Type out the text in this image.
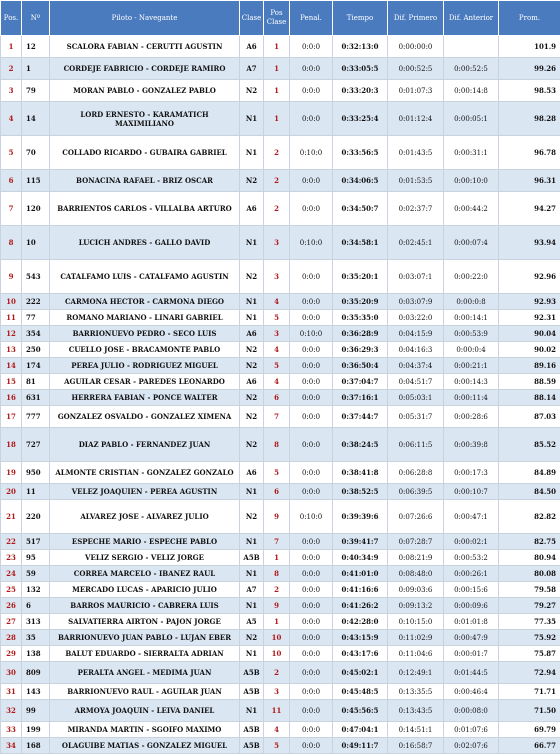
Pos.	Nº	Piloto - Navegante	Clase	Pos Clase	Penal.	Tiempo	Dif. Primero	Dif. Anterior	Prom.
1	12	SCALORA FABIAN - CERUTTI AGUSTIN	A6	1	0:0:0	0:32:13:0	0:00:00:0		101.9
2	1	CORDEJE FABRICIO - CORDEJE RAMIRO	A7	1	0:0:0	0:33:05:5	0:00:52:5	0:00:52:5	99.26
3	79	MORAN PABLO - GONZALEZ PABLO	N2	1	0:0:0	0:33:20:3	0:01:07:3	0:00:14:8	98.53
4	14	LORD ERNESTO - KARAMATICH MAXIMILIANO	N1	1	0:0:0	0:33:25:4	0:01:12:4	0:00:05:1	98.28
5	70	COLLADO RICARDO - GUBAIRA GABRIEL	N1	2	0:10:0	0:33:56:5	0:01:43:5	0:00:31:1	96.78
6	115	BONACINA RAFAEL - BRIZ OSCAR	N2	2	0:0:0	0:34:06:5	0:01:53:5	0:00:10:0	96.31
7	120	BARRIENTOS CARLOS - VILLALBA ARTURO	A6	2	0:0:0	0:34:50:7	0:02:37:7	0:00:44:2	94.27
8	10	LUCICH ANDRES - GALLO DAVID	N1	3	0:10:0	0:34:58:1	0:02:45:1	0:00:07:4	93.94
9	543	CATALFAMO LUIS - CATALFAMO AGUSTIN	N2	3	0:0:0	0:35:20:1	0:03:07:1	0:00:22:0	92.96
10	222	CARMONA HECTOR - CARMONA DIEGO	N1	4	0:0:0	0:35:20:9	0:03:07:9	0:00:0:8	92.93
11	77	ROMANO MARIANO - LINARI GABRIEL	N1	5	0:0:0	0:35:35:0	0:03:22:0	0:00:14:1	92.31
12	354	BARRIONUEVO PEDRO - SECO LUIS	A6	3	0:10:0	0:36:28:9	0:04:15:9	0:00:53:9	90.04
13	250	CUELLO JOSE - BRACAMONTE PABLO	N2	4	0:0:0	0:36:29:3	0:04:16:3	0:00:0:4	90.02
14	174	PEREA JULIO - RODRIGUEZ MIGUEL	N2	5	0:0:0	0:36:50:4	0:04:37:4	0:00:21:1	89.16
15	81	AGUILAR CESAR - PAREDES LEONARDO	A6	4	0:0:0	0:37:04:7	0:04:51:7	0:00:14:3	88.59
16	631	HERRERA FABIAN - PONCE WALTER	N2	6	0:0:0	0:37:16:1	0:05:03:1	0:00:11:4	88.14
17	777	GONZALEZ OSVALDO - GONZALEZ XIMENA	N2	7	0:0:0	0:37:44:7	0:05:31:7	0:00:28:6	87.03
18	727	DIAZ PABLO - FERNANDEZ JUAN	N2	8	0:0:0	0:38:24:5	0:06:11:5	0:00:39:8	85.52
19	950	ALMONTE CRISTIAN - GONZALEZ GONZALO	A6	5	0:0:0	0:38:41:8	0:06:28:8	0:00:17:3	84.89
20	11	VELEZ JOAQUIEN - PEREA AGUSTIN	N1	6	0:0:0	0:38:52:5	0:06:39:5	0:00:10:7	84.50
21	220	ALVAREZ JOSE - ALVAREZ JULIO	N2	9	0:10:0	0:39:39:6	0:07:26:6	0:00:47:1	82.82
22	517	ESPECHE MARIO - ESPECHE PABLO	N1	7	0:0:0	0:39:41:7	0:07:28:7	0:00:02:1	82.75
23	95	VELIZ SERGIO - VELIZ JORGE	A5B	1	0:0:0	0:40:34:9	0:08:21:9	0:00:53:2	80.94
24	59	CORREA MARCELO - IBANEZ RAUL	N1	8	0:0:0	0:41:01:0	0:08:48:0	0:00:26:1	80.08
25	132	MERCADO LUCAS - APARICIO JULIO	A7	2	0:0:0	0:41:16:6	0:09:03:6	0:00:15:6	79.58
26	6	BARROS MAURICIO - CABRERA LUIS	N1	9	0:0:0	0:41:26:2	0:09:13:2	0:00:09:6	79.27
27	313	SALVATIERRA AIRTON - PAJON JORGE	A5	1	0:0:0	0:42:28:0	0:10:15:0	0:01:01:8	77.35
28	35	BARRIONUEVO JUAN PABLO - LUJAN EBER	N2	10	0:0:0	0:43:15:9	0:11:02:9	0:00:47:9	75.92
29	138	BALUT EDUARDO - SIERRALTA ADRIAN	N1	10	0:0:0	0:43:17:6	0:11:04:6	0:00:01:7	75.87
30	809	PERALTA ANGEL - MEDIMA JUAN	A5B	2	0:0:0	0:45:02:1	0:12:49:1	0:01:44:5	72.94
31	143	BARRIONUEVO RAUL - AGUILAR JUAN	A5B	3	0:0:0	0:45:48:5	0:13:35:5	0:00:46:4	71.71
32	99	ARMOYA JOAQUIN - LEIVA DANIEL	N1	11	0:0:0	0:45:56:5	0:13:43:5	0:00:08:0	71.50
33	199	MIRANDA MARTIN - SGOIFO MAXIMO	A5B	4	0:0:0	0:47:04:1	0:14:51:1	0:01:07:6	69.79
34	168	OLAGUIBE MATIAS - GONZALEZ MIGUEL	A5B	5	0:0:0	0:49:11:7	0:16:58:7	0:02:07:6	66.77
